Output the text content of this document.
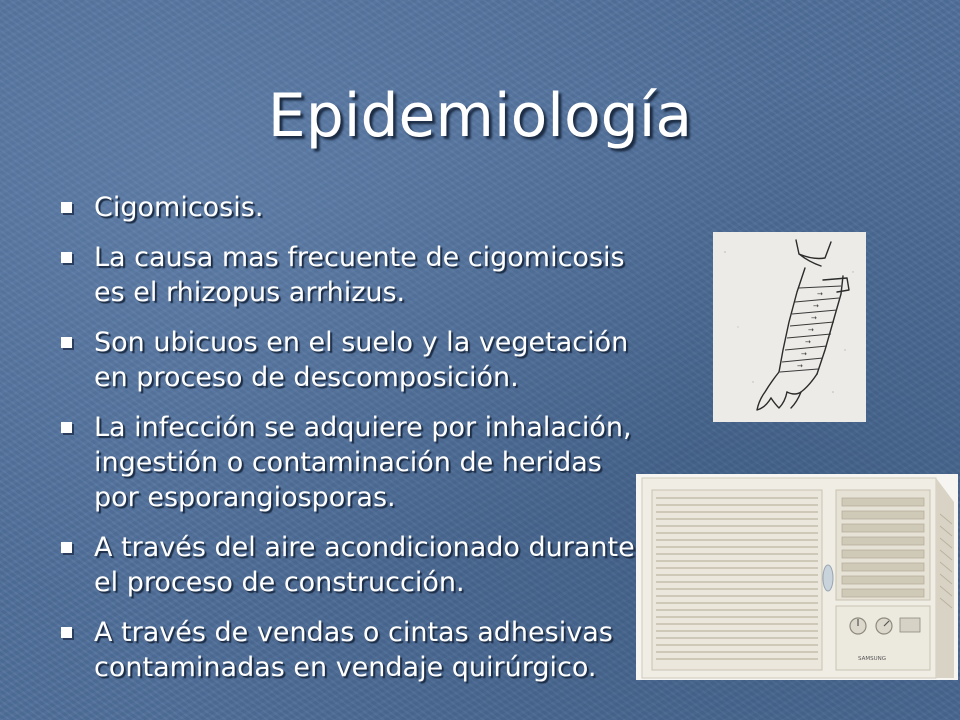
Epidemiología
Cigomicosis.
La causa mas frecuente de cigomicosis es el rhizopus arrhizus.
Son ubicuos en el suelo y la vegetación en proceso de descomposición.
La infección se adquiere por inhalación, ingestión o contaminación de heridas por esporangiosporas.
A través del aire acondicionado durante el proceso de construcción.
A través de vendas o cintas adhesivas contaminadas en vendaje quirúrgico.
→
→
→
→
→
→
→
SAMSUNG
